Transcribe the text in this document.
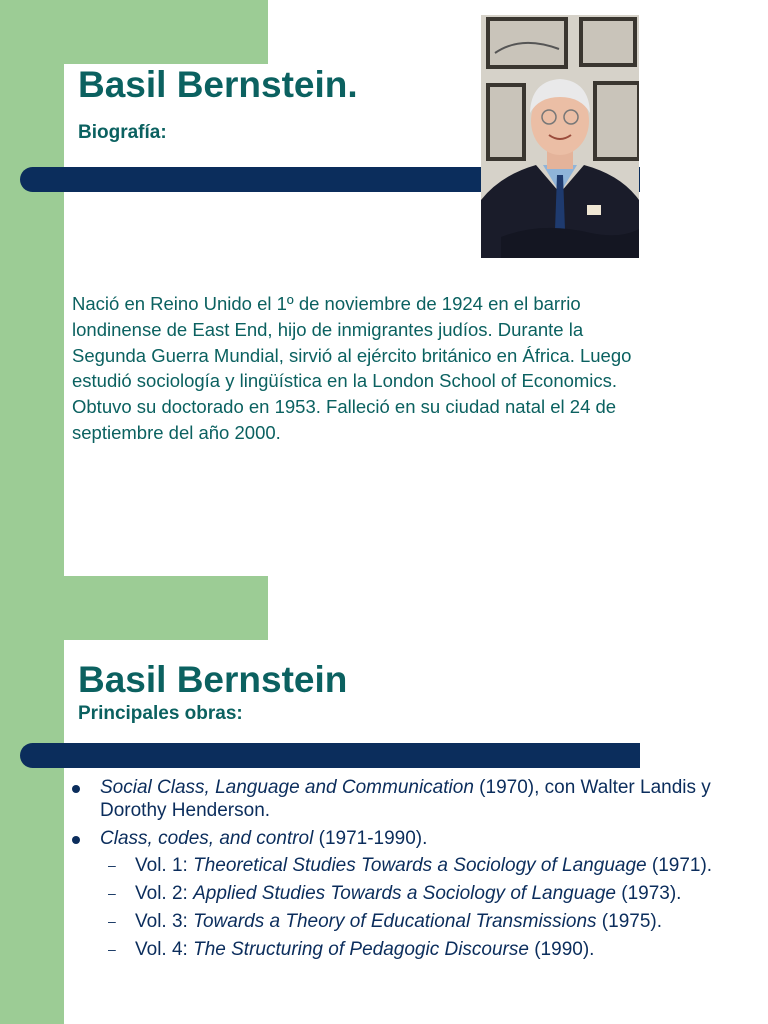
Basil Bernstein.
Biografía:

Nació en Reino Unido el 1º de noviembre de 1924 en el barrio londinense de East End, hijo de inmigrantes judíos. Durante la Segunda Guerra Mundial, sirvió al ejército británico en África. Luego estudió sociología y lingüística en la London School of Economics. Obtuvo su doctorado en 1953. Falleció en su ciudad natal el 24 de septiembre del año 2000.

Basil Bernstein
Principales obras:
Social Class, Language and Communication (1970), con Walter Landis y Dorothy Henderson.
Class, codes, and control (1971-1990).
– Vol. 1: Theoretical Studies Towards a Sociology of Language (1971).
– Vol. 2: Applied Studies Towards a Sociology of Language (1973).
– Vol. 3: Towards a Theory of Educational Transmissions (1975).
– Vol. 4: The Structuring of Pedagogic Discourse (1990).
